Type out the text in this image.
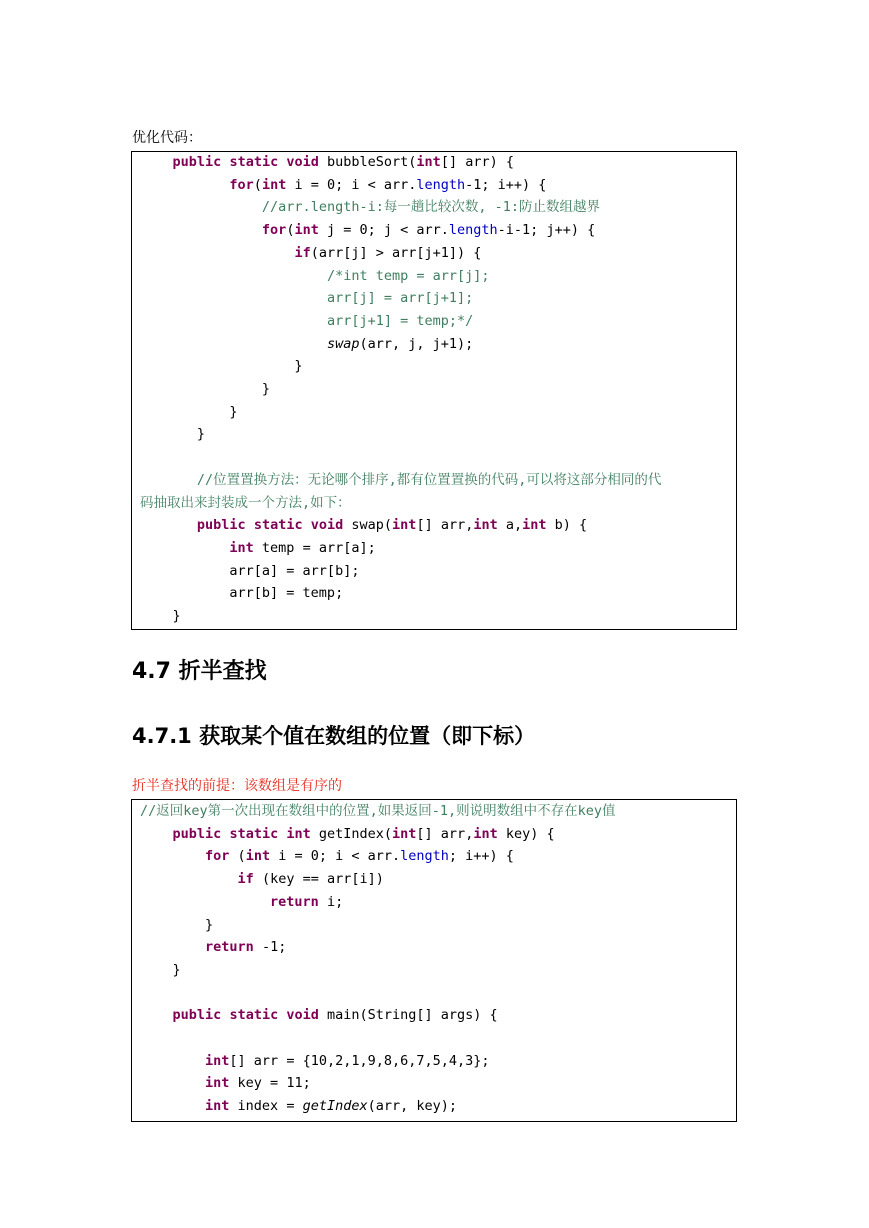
优化代码：
public static void bubbleSort(int[] arr) {
for(int i = 0; i < arr.length-1; i++) {
//arr.length-i:每一趟比较次数, -1:防止数组越界
for(int j = 0; j < arr.length-i-1; j++) {
if(arr[j] > arr[j+1]) {
/*int temp = arr[j];
arr[j] = arr[j+1];
arr[j+1] = temp;*/
swap(arr, j, j+1);
}
}
}
}
//位置置换方法：无论哪个排序,都有位置置换的代码,可以将这部分相同的代
码抽取出来封装成一个方法,如下：
public static void swap(int[] arr,int a,int b) {
int temp = arr[a];
arr[a] = arr[b];
arr[b] = temp;
}
4.7 折半查找
4.7.1 获取某个值在数组的位置（即下标）
折半查找的前提：该数组是有序的
//返回key第一次出现在数组中的位置,如果返回-1,则说明数组中不存在key值
public static int getIndex(int[] arr,int key) {
for (int i = 0; i < arr.length; i++) {
if (key == arr[i])
return i;
}
return -1;
}
public static void main(String[] args) {
int[] arr = {10,2,1,9,8,6,7,5,4,3};
int key = 11;
int index = getIndex(arr, key);
